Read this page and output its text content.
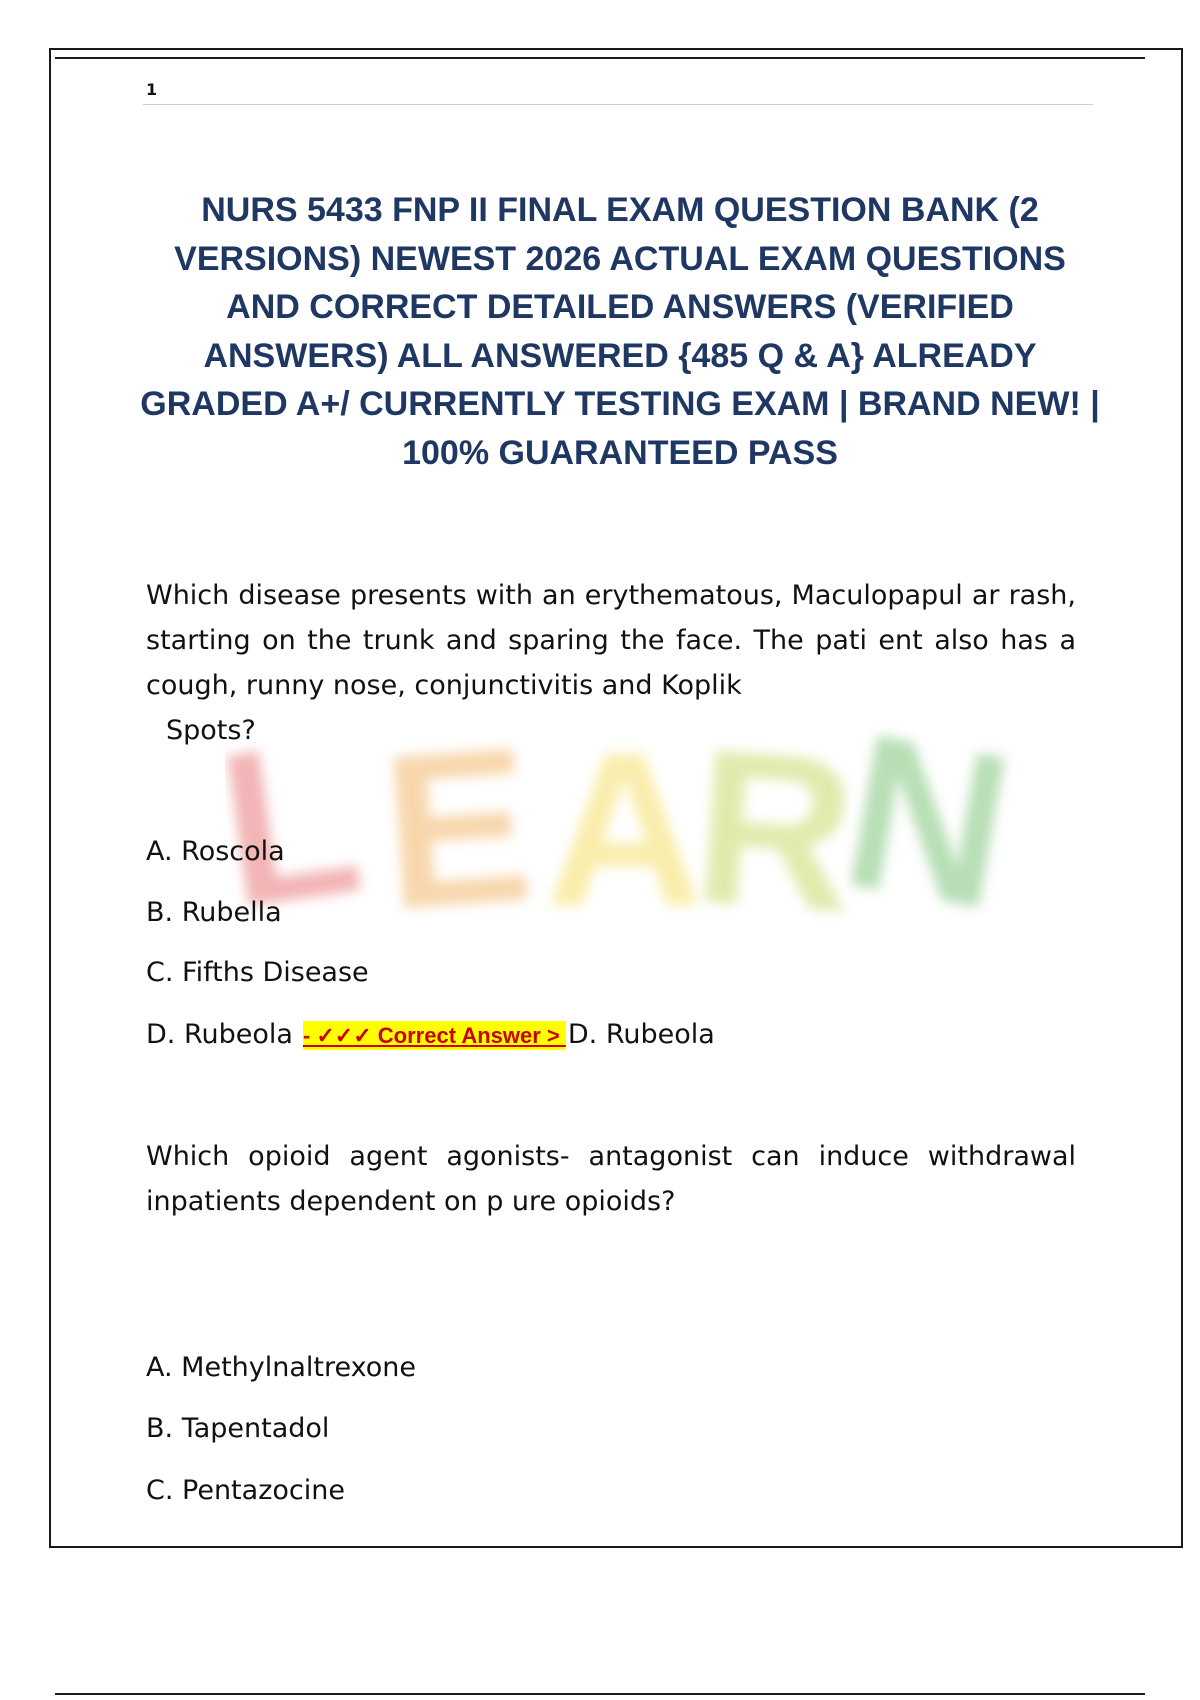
1
NURS 5433 FNP II FINAL EXAM QUESTION BANK (2 VERSIONS) NEWEST 2026 ACTUAL EXAM QUESTIONS AND CORRECT DETAILED ANSWERS (VERIFIED ANSWERS) ALL ANSWERED {485 Q & A} ALREADY GRADED A+/ CURRENTLY TESTING EXAM | BRAND NEW! | 100% GUARANTEED PASS
L E A
R
N
Which disease presents with an erythematous, Maculopapul ar rash, starting on the trunk and sparing the face. The pati ent also has a cough, runny nose, conjunctivitis and Koplik
Spots?
A. Roscola
B. Rubella
C. Fifths Disease
D. Rubeola - ✓✓✓ Correct Answer > D. Rubeola
Which opioid agent agonists- antagonist can induce withdrawal inpatients dependent on p ure opioids?
A. Methylnaltrexone
B. Tapentadol
C. Pentazocine
